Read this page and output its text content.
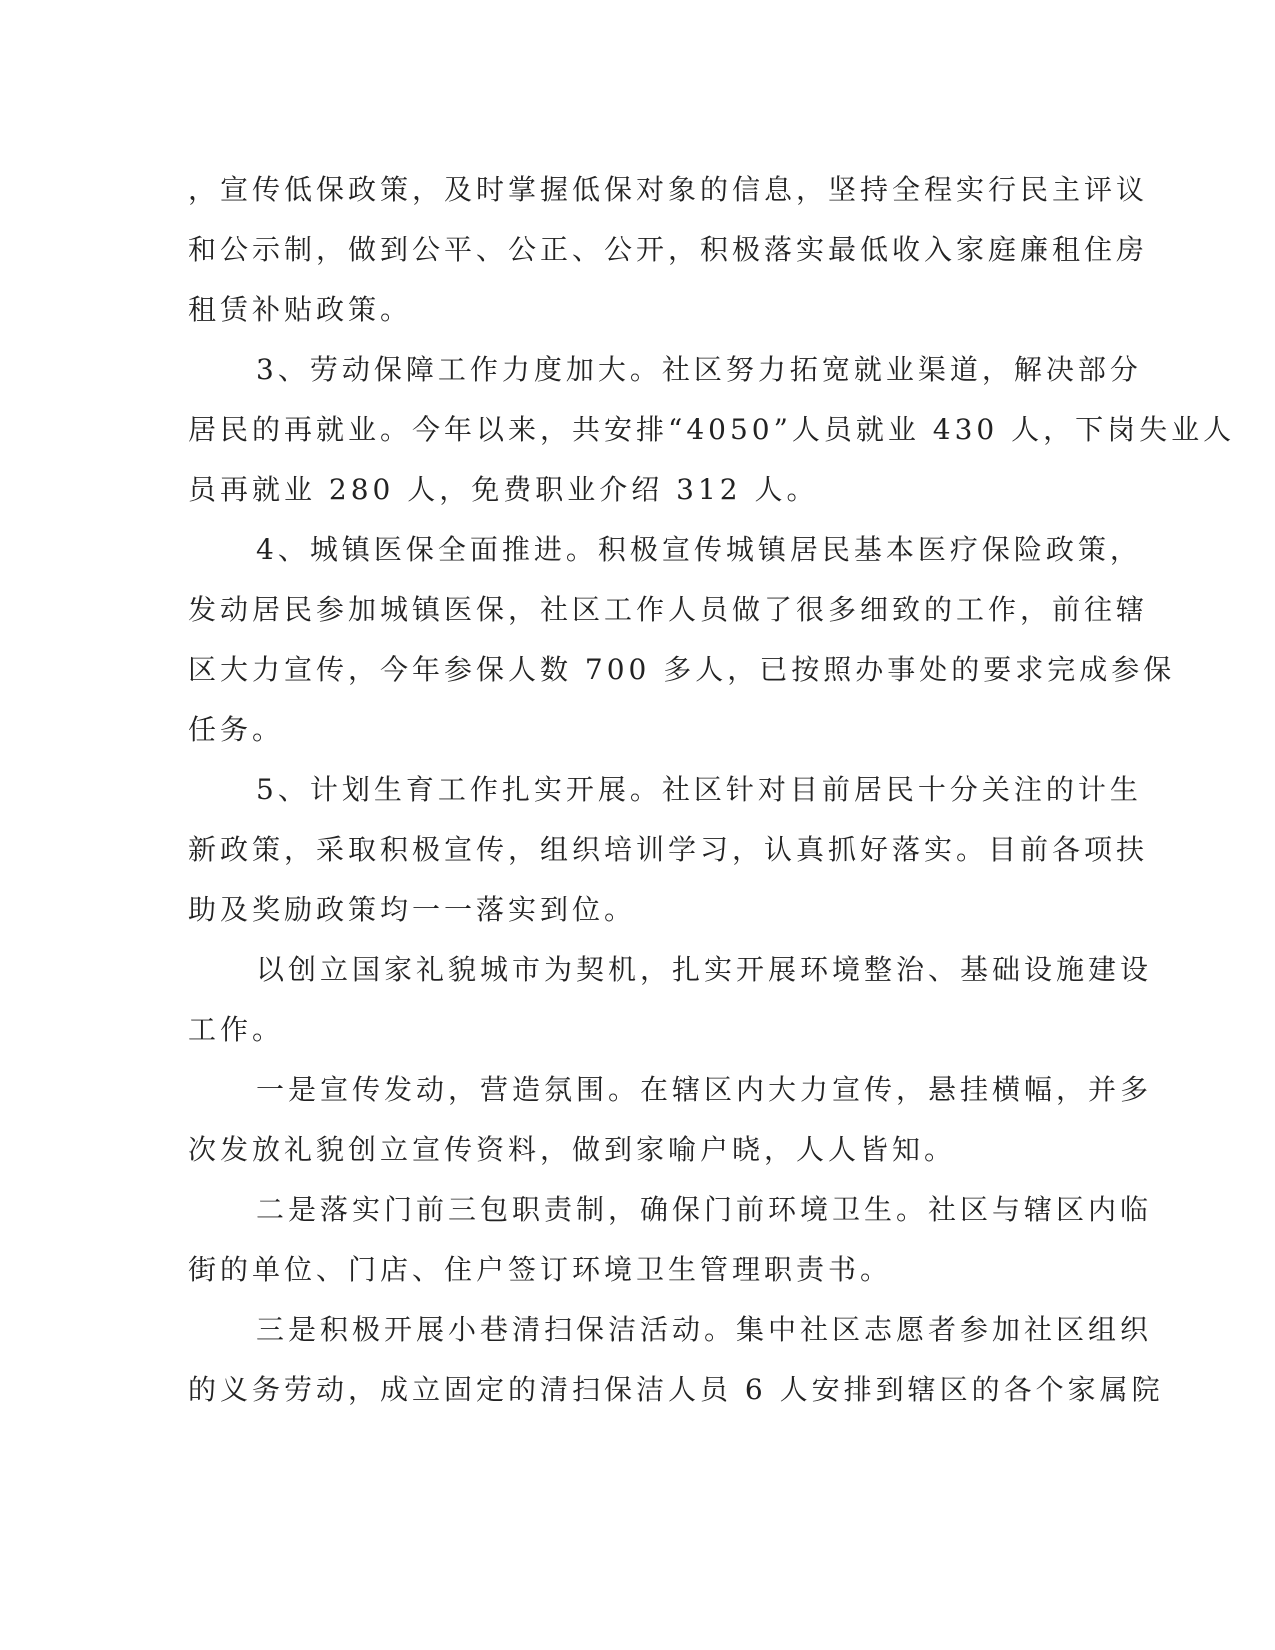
，宣传低保政策，及时掌握低保对象的信息，坚持全程实行民主评议
和公示制，做到公平、公正、公开，积极落实最低收入家庭廉租住房
租赁补贴政策。

3、劳动保障工作力度加大。社区努力拓宽就业渠道，解决部分
居民的再就业。今年以来，共安排“4050”人员就业 430 人，下岗失业人
员再就业 280 人，免费职业介绍 312 人。

4、城镇医保全面推进。积极宣传城镇居民基本医疗保险政策，
发动居民参加城镇医保，社区工作人员做了很多细致的工作，前往辖
区大力宣传，今年参保人数 700 多人，已按照办事处的要求完成参保
任务。

5、计划生育工作扎实开展。社区针对目前居民十分关注的计生
新政策，采取积极宣传，组织培训学习，认真抓好落实。目前各项扶
助及奖励政策均一一落实到位。

以创立国家礼貌城市为契机，扎实开展环境整治、基础设施建设
工作。

一是宣传发动，营造氛围。在辖区内大力宣传，悬挂横幅，并多
次发放礼貌创立宣传资料，做到家喻户晓，人人皆知。

二是落实门前三包职责制，确保门前环境卫生。社区与辖区内临
街的单位、门店、住户签订环境卫生管理职责书。

三是积极开展小巷清扫保洁活动。集中社区志愿者参加社区组织
的义务劳动，成立固定的清扫保洁人员 6 人安排到辖区的各个家属院
